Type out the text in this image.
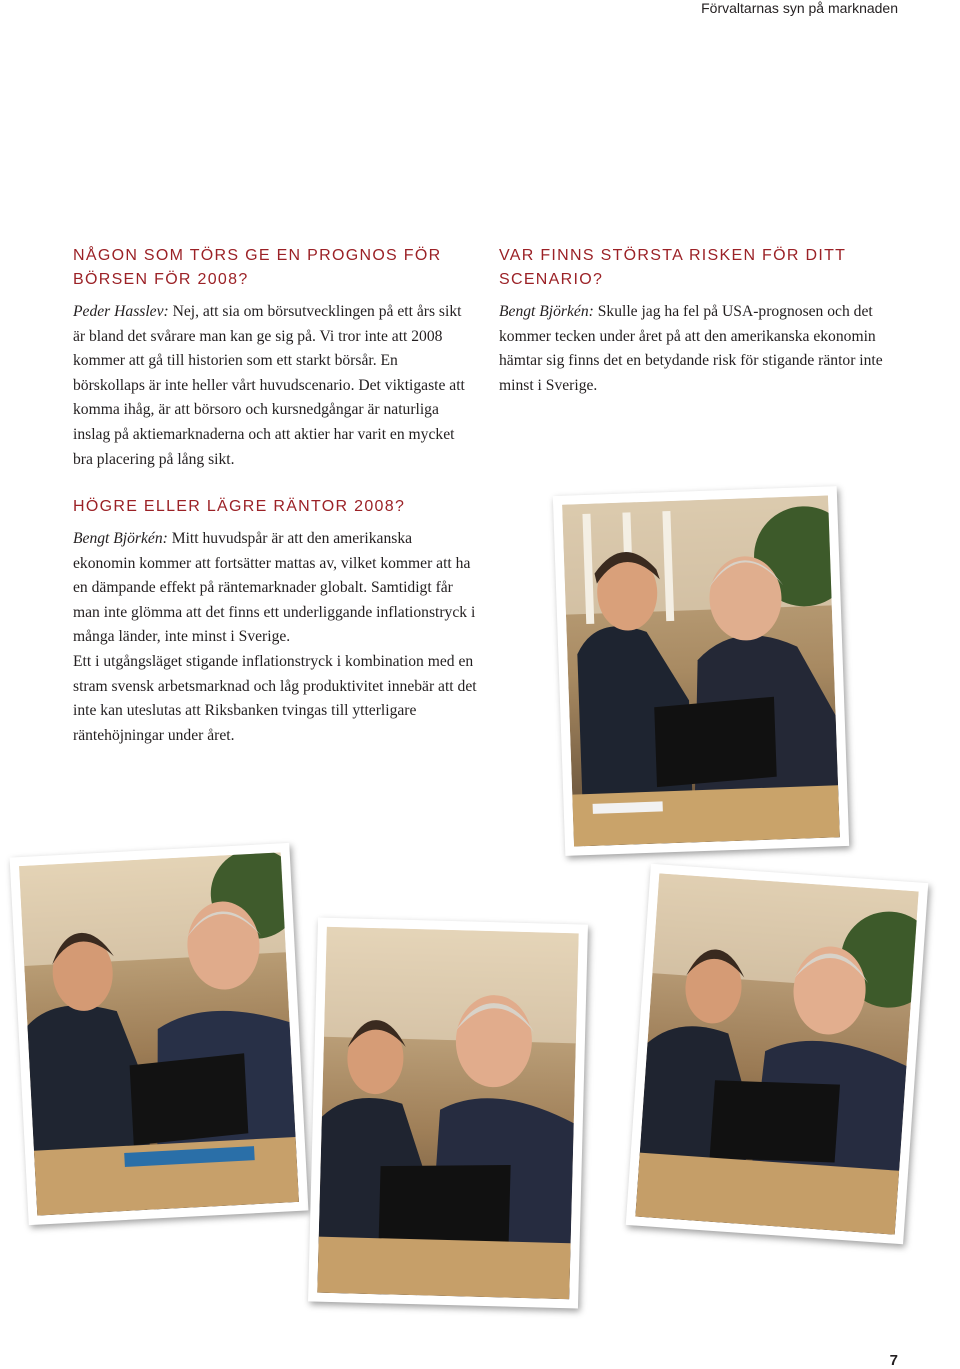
Förvaltarnas syn på marknaden
NÅGON SOM TÖRS GE EN PROGNOS FÖR BÖRSEN FÖR 2008?

Peder Hasslev: Nej, att sia om börsutvecklingen på ett års sikt är bland det svårare man kan ge sig på. Vi tror inte att 2008 kommer att gå till historien som ett starkt börsår. En börskollaps är inte heller vårt huvudscenario. Det viktigaste att komma ihåg, är att börsoro och kursnedgångar är naturliga inslag på aktiemarknaderna och att aktier har varit en mycket bra placering på lång sikt.

VAR FINNS STÖRSTA RISKEN FÖR DITT SCENARIO?

Bengt Björkén: Skulle jag ha fel på USA-prognosen och det kommer tecken under året på att den amerikanska ekonomin hämtar sig finns det en betydande risk för stigande räntor inte minst i Sverige.

HÖGRE ELLER LÄGRE RÄNTOR 2008?

Bengt Björkén: Mitt huvudspår är att den amerikanska ekonomin kommer att fortsätter mattas av, vilket kommer att ha en dämpande effekt på räntemarknader globalt. Samtidigt får man inte glömma att det finns ett underliggande inflationstryck i många länder, inte minst i Sverige.
Ett i utgångsläget stigande inflationstryck i kombination med en stram svensk arbetsmarknad och låg produktivitet innebär att det inte kan uteslutas att Riksbanken tvingas till ytterligare räntehöjningar under året.

7
